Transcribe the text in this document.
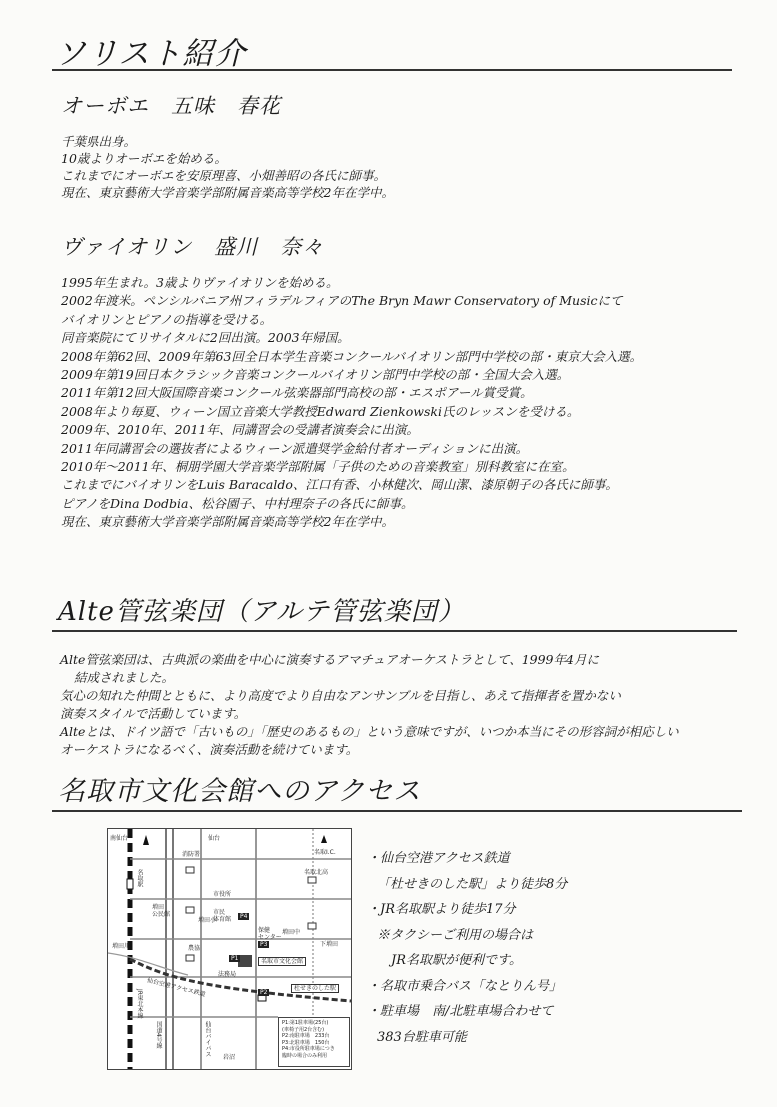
ソリスト紹介
オーボエ　五味　春花
千葉県出身。
10歳よりオーボエを始める。
これまでにオーボエを安原理喜、小畑善昭の各氏に師事。
現在、東京藝術大学音楽学部附属音楽高等学校2年在学中。
ヴァイオリン　盛川　奈々
1995年生まれ。3歳よりヴァイオリンを始める。
2002年渡米。ペンシルバニア州フィラデルフィアのThe Bryn Mawr Conservatory of Musicにて
バイオリンとピアノの指導を受ける。
同音楽院にてリサイタルに2回出演。2003年帰国。
2008年第62回、2009年第63回全日本学生音楽コンクールバイオリン部門中学校の部・東京大会入選。
2009年第19回日本クラシック音楽コンクールバイオリン部門中学校の部・全国大会入選。
2011年第12回大阪国際音楽コンクール弦楽器部門高校の部・エスポアール賞受賞。
2008年より毎夏、ウィーン国立音楽大学教授Edward Zienkowski氏のレッスンを受ける。
2009年、2010年、2011年、同講習会の受講者演奏会に出演。
2011年同講習会の選抜者によるウィーン派遣奨学金給付者オーディションに出演。
2010年～2011年、桐朋学園大学音楽学部附属「子供のための音楽教室」別科教室に在室。
これまでにバイオリンをLuis Baracaldo、江口有香、小林健次、岡山潔、漆原朝子の各氏に師事。
ピアノをDina Dodbia、松谷園子、中村理奈子の各氏に師事。
現在、東京藝術大学音楽学部附属音楽高等学校2年在学中。
Alte管弦楽団（アルテ管弦楽団）
Alte管弦楽団は、古典派の楽曲を中心に演奏するアマチュアオーケストラとして、1999年4月に
結成されました。
気心の知れた仲間とともに、より高度でより自由なアンサンブルを目指し、あえて指揮者を置かない
演奏スタイルで活動しています。
Alteとは、ドイツ語で「古いもの」「歴史のあるもの」という意味ですが、いつか本当にその形容詞が相応しい
オーケストラになるべく、演奏活動を続けています。
名取市文化会館へのアクセス
仙台
名取I.C.
消防署
市役所
名取北高
増田
公民館
増田小
市民
体育館
保健
センター
増田中
下増田
農協
増田川
名取市文化会館
法務局
仙台空港アクセス鉄道	杜せきのした駅
JR東北本線
名取駅
国道4号線	仙台バイパス
岩沼
南仙台
P1
P2
P3
P4
P1:第1駐車場(25台)
(車椅子用2台含む)
P2:南駐車場　233台
P3:北駐車場　150台
P4:市役所駐車場につき
臨時の場合のみ利用
・仙台空港アクセス鉄道
「杜せきのした駅」より徒歩8分
・JR名取駅より徒歩17分
※タクシーご利用の場合は
JR名取駅が便利です。
・名取市乗合バス「なとりん号」
・駐車場　南/北駐車場合わせて
383台駐車可能
